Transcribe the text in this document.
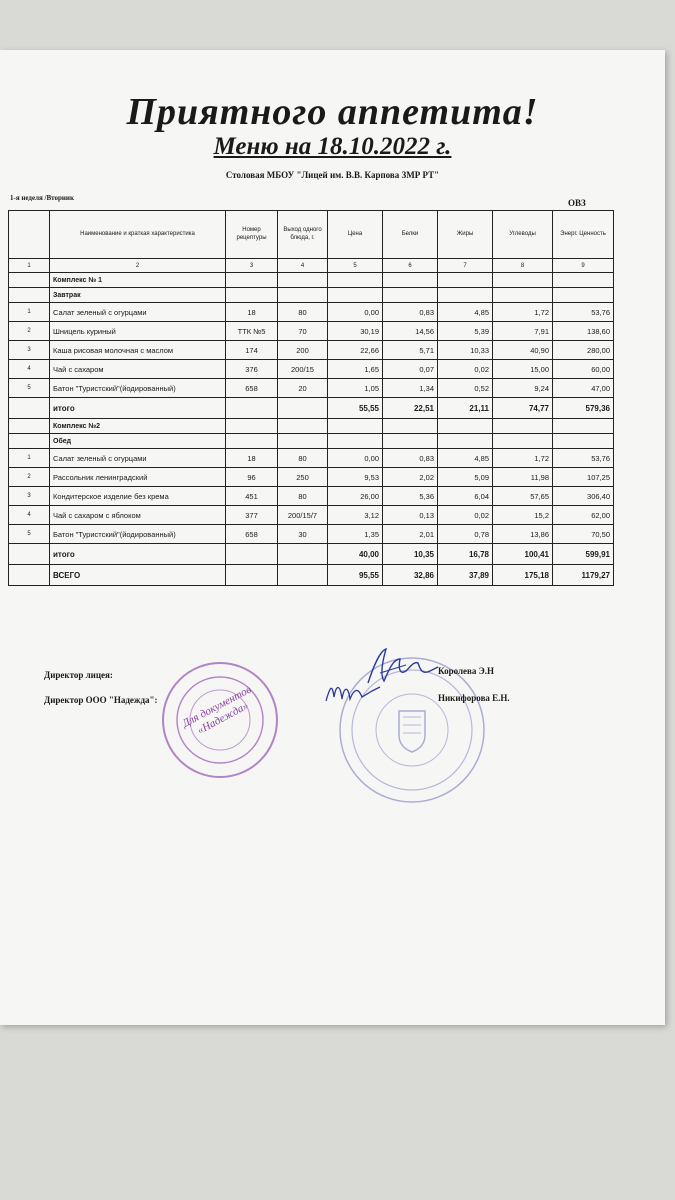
Приятного аппетита!
Меню на 18.10.2022 г.
Столовая МБОУ "Лицей им. В.В. Карпова ЗМР РТ"
1-я неделя /Вторник	ОВЗ
	Наименование и краткая характеристика	Номер рецептуры	Выход одного блюда, г.	Цена	Белки	Жиры	Углеводы	Энерг. Ценность
1	2	3	4	5	6	7	8	9
	Комплекс № 1							
	Завтрак							
1	Салат зеленый с огурцами	18	80	0,00	0,83	4,85	1,72	53,76
2	Шницель куриный	ТТК №5	70	30,19	14,56	5,39	7,91	138,60
3	Каша рисовая молочная с маслом	174	200	22,66	5,71	10,33	40,90	280,00
4	Чай с сахаром	376	200/15	1,65	0,07	0,02	15,00	60,00
5	Батон "Туристский"(йодированный)	658	20	1,05	1,34	0,52	9,24	47,00
	итого			55,55	22,51	21,11	74,77	579,36
	Комплекс №2							
	Обед							
1	Салат зеленый с огурцами	18	80	0,00	0,83	4,85	1,72	53,76
2	Рассольник ленинградский	96	250	9,53	2,02	5,09	11,98	107,25
3	Кондитерское изделие без крема	451	80	26,00	5,36	6,04	57,65	306,40
4	Чай с сахаром с яблоком	377	200/15/7	3,12	0,13	0,02	15,2	62,00
5	Батон "Туристский"(йодированный)	658	30	1,35	2,01	0,78	13,86	70,50
	итого			40,00	10,35	16,78	100,41	599,91
	ВСЕГО			95,55	32,86	37,89	175,18	1179,27
Для документов «Надежда»
Директор лицея:	Королева Э.Н
Директор ООО "Надежда":	Никифорова Е.Н.
